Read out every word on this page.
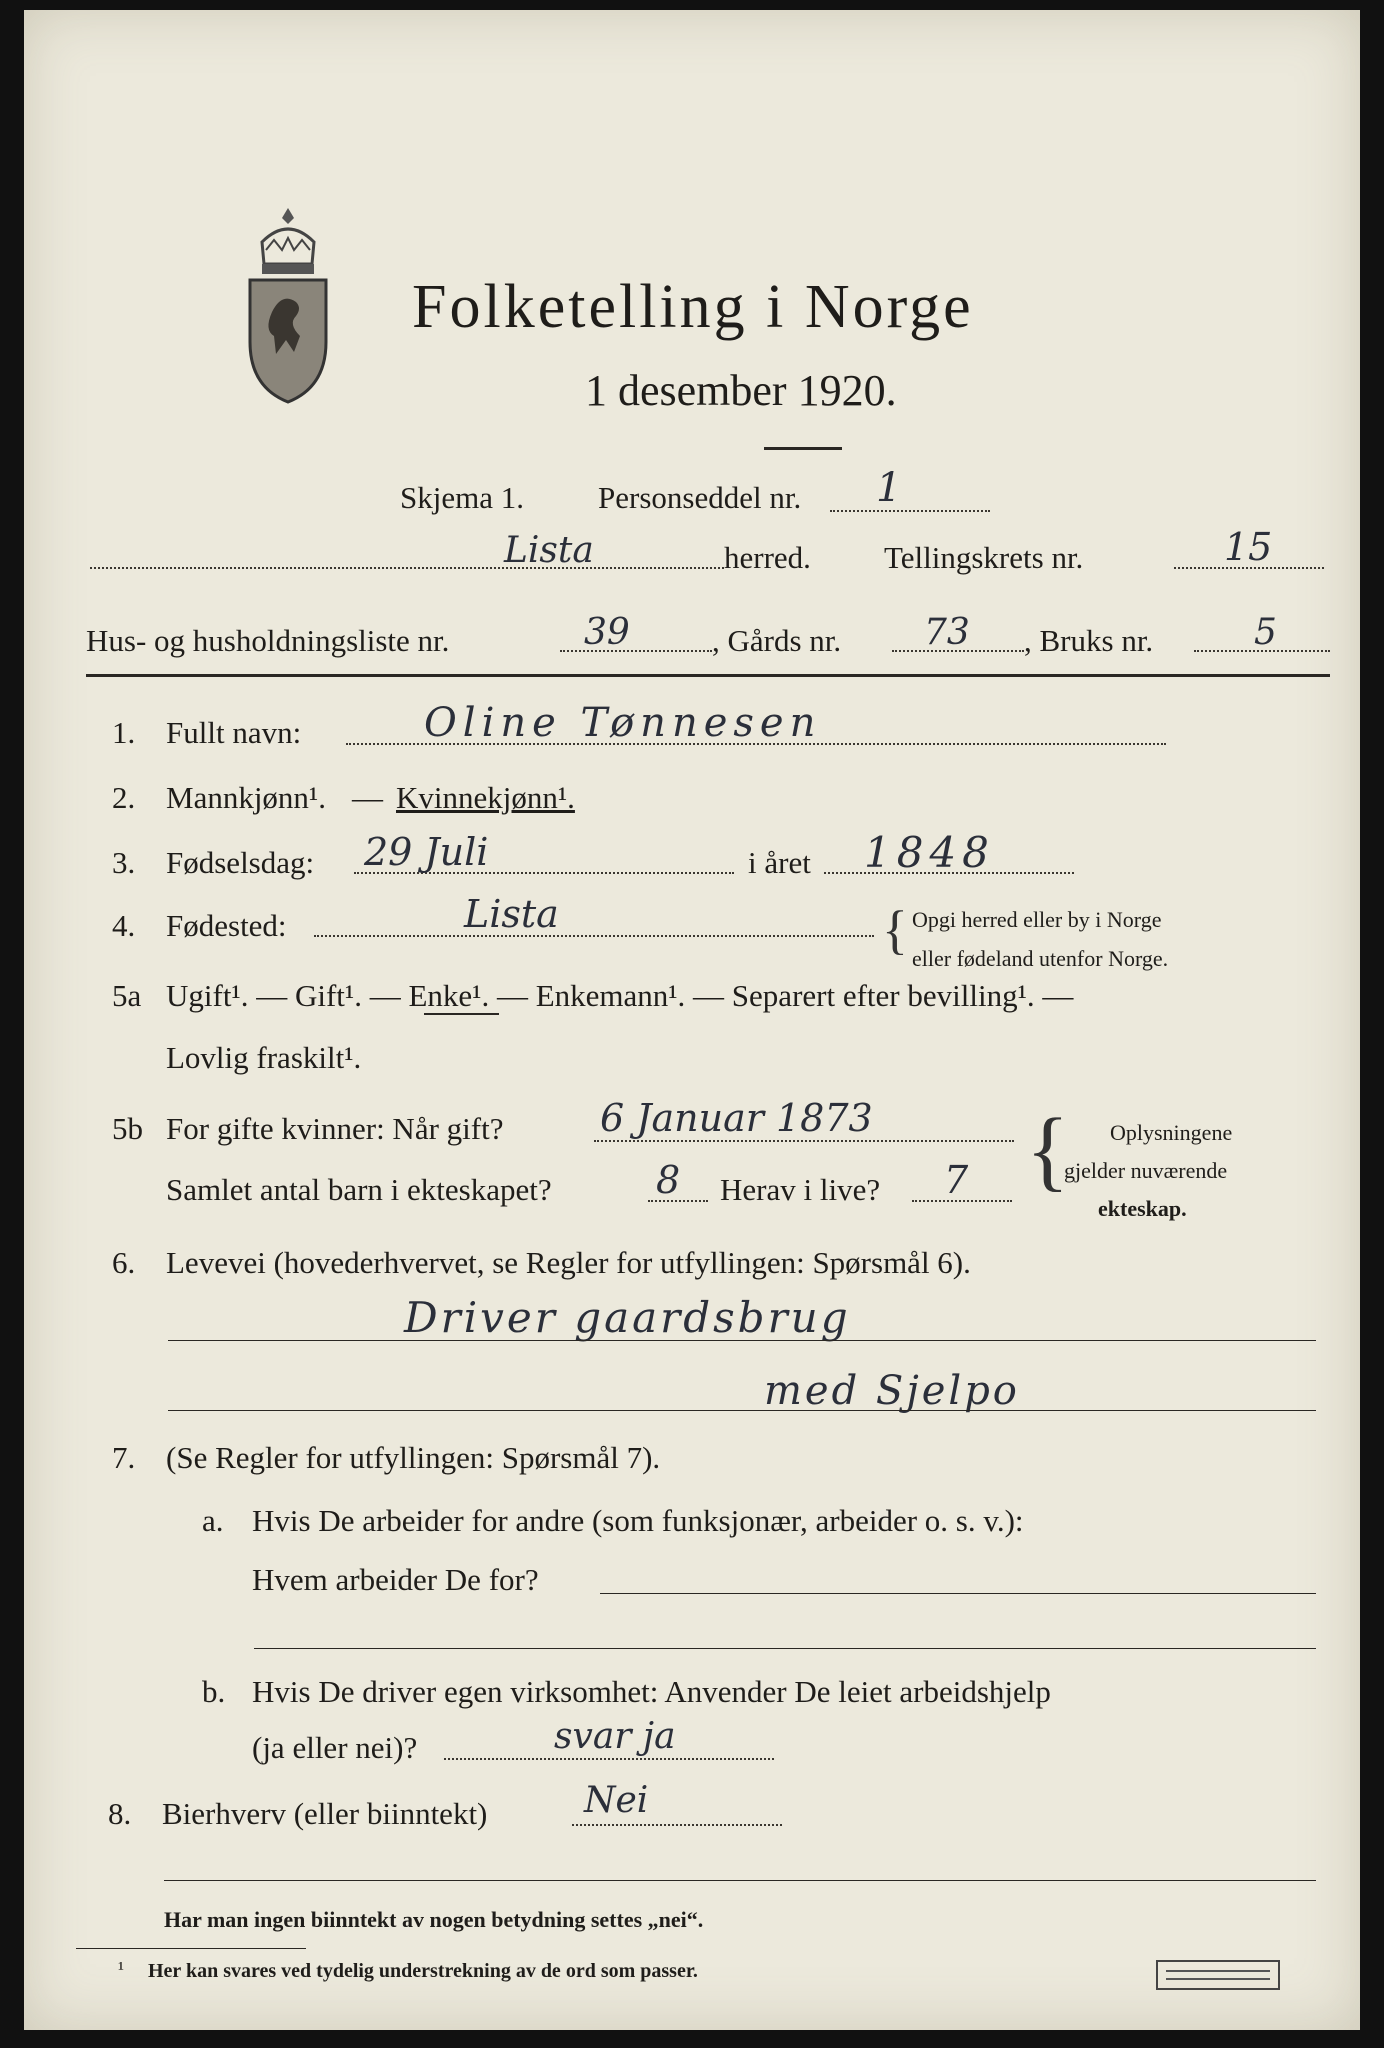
Folketelling i Norge
1 desember 1920.
Skjema 1. Personseddel nr. 1
Lista	herred. Tellingskrets nr.	15
Hus- og husholdningsliste nr.	39	, Gårds nr. 73 , Bruks nr.	5
1. Fullt navn:	Oline Tønnesen
2. Mannkjønn¹. — Kvinnekjønn¹.
3. Fødselsdag: 29 Juli	i året 1848
4. Fødested:	Lista	{ Opgi herred eller by i Norge
eller fødeland utenfor Norge.
5a Ugift¹. — Gift¹. — Enke¹. — Enkemann¹. — Separert efter bevilling¹. —
Lovlig fraskilt¹.
5b For gifte kvinner: Når gift?	6 Januar 1873
Samlet antal barn i ekteskapet?	8 Herav i live? 7 { Oplysningene
gjelder nuværende
ekteskap.
6. Levevei (hovederhvervet, se Regler for utfyllingen: Spørsmål 6).
Driver gaardsbrug
med Sjelpo
7. (Se Regler for utfyllingen: Spørsmål 7).
a. Hvis De arbeider for andre (som funksjonær, arbeider o. s. v.):
Hvem arbeider De for?
b. Hvis De driver egen virksomhet: Anvender De leiet arbeidshjelp
(ja eller nei)?	svar ja
8. Bierhverv (eller biinntekt)	Nei
Har man ingen biinntekt av nogen betydning settes „nei“.
¹ Her kan svares ved tydelig understrekning av de ord som passer.
